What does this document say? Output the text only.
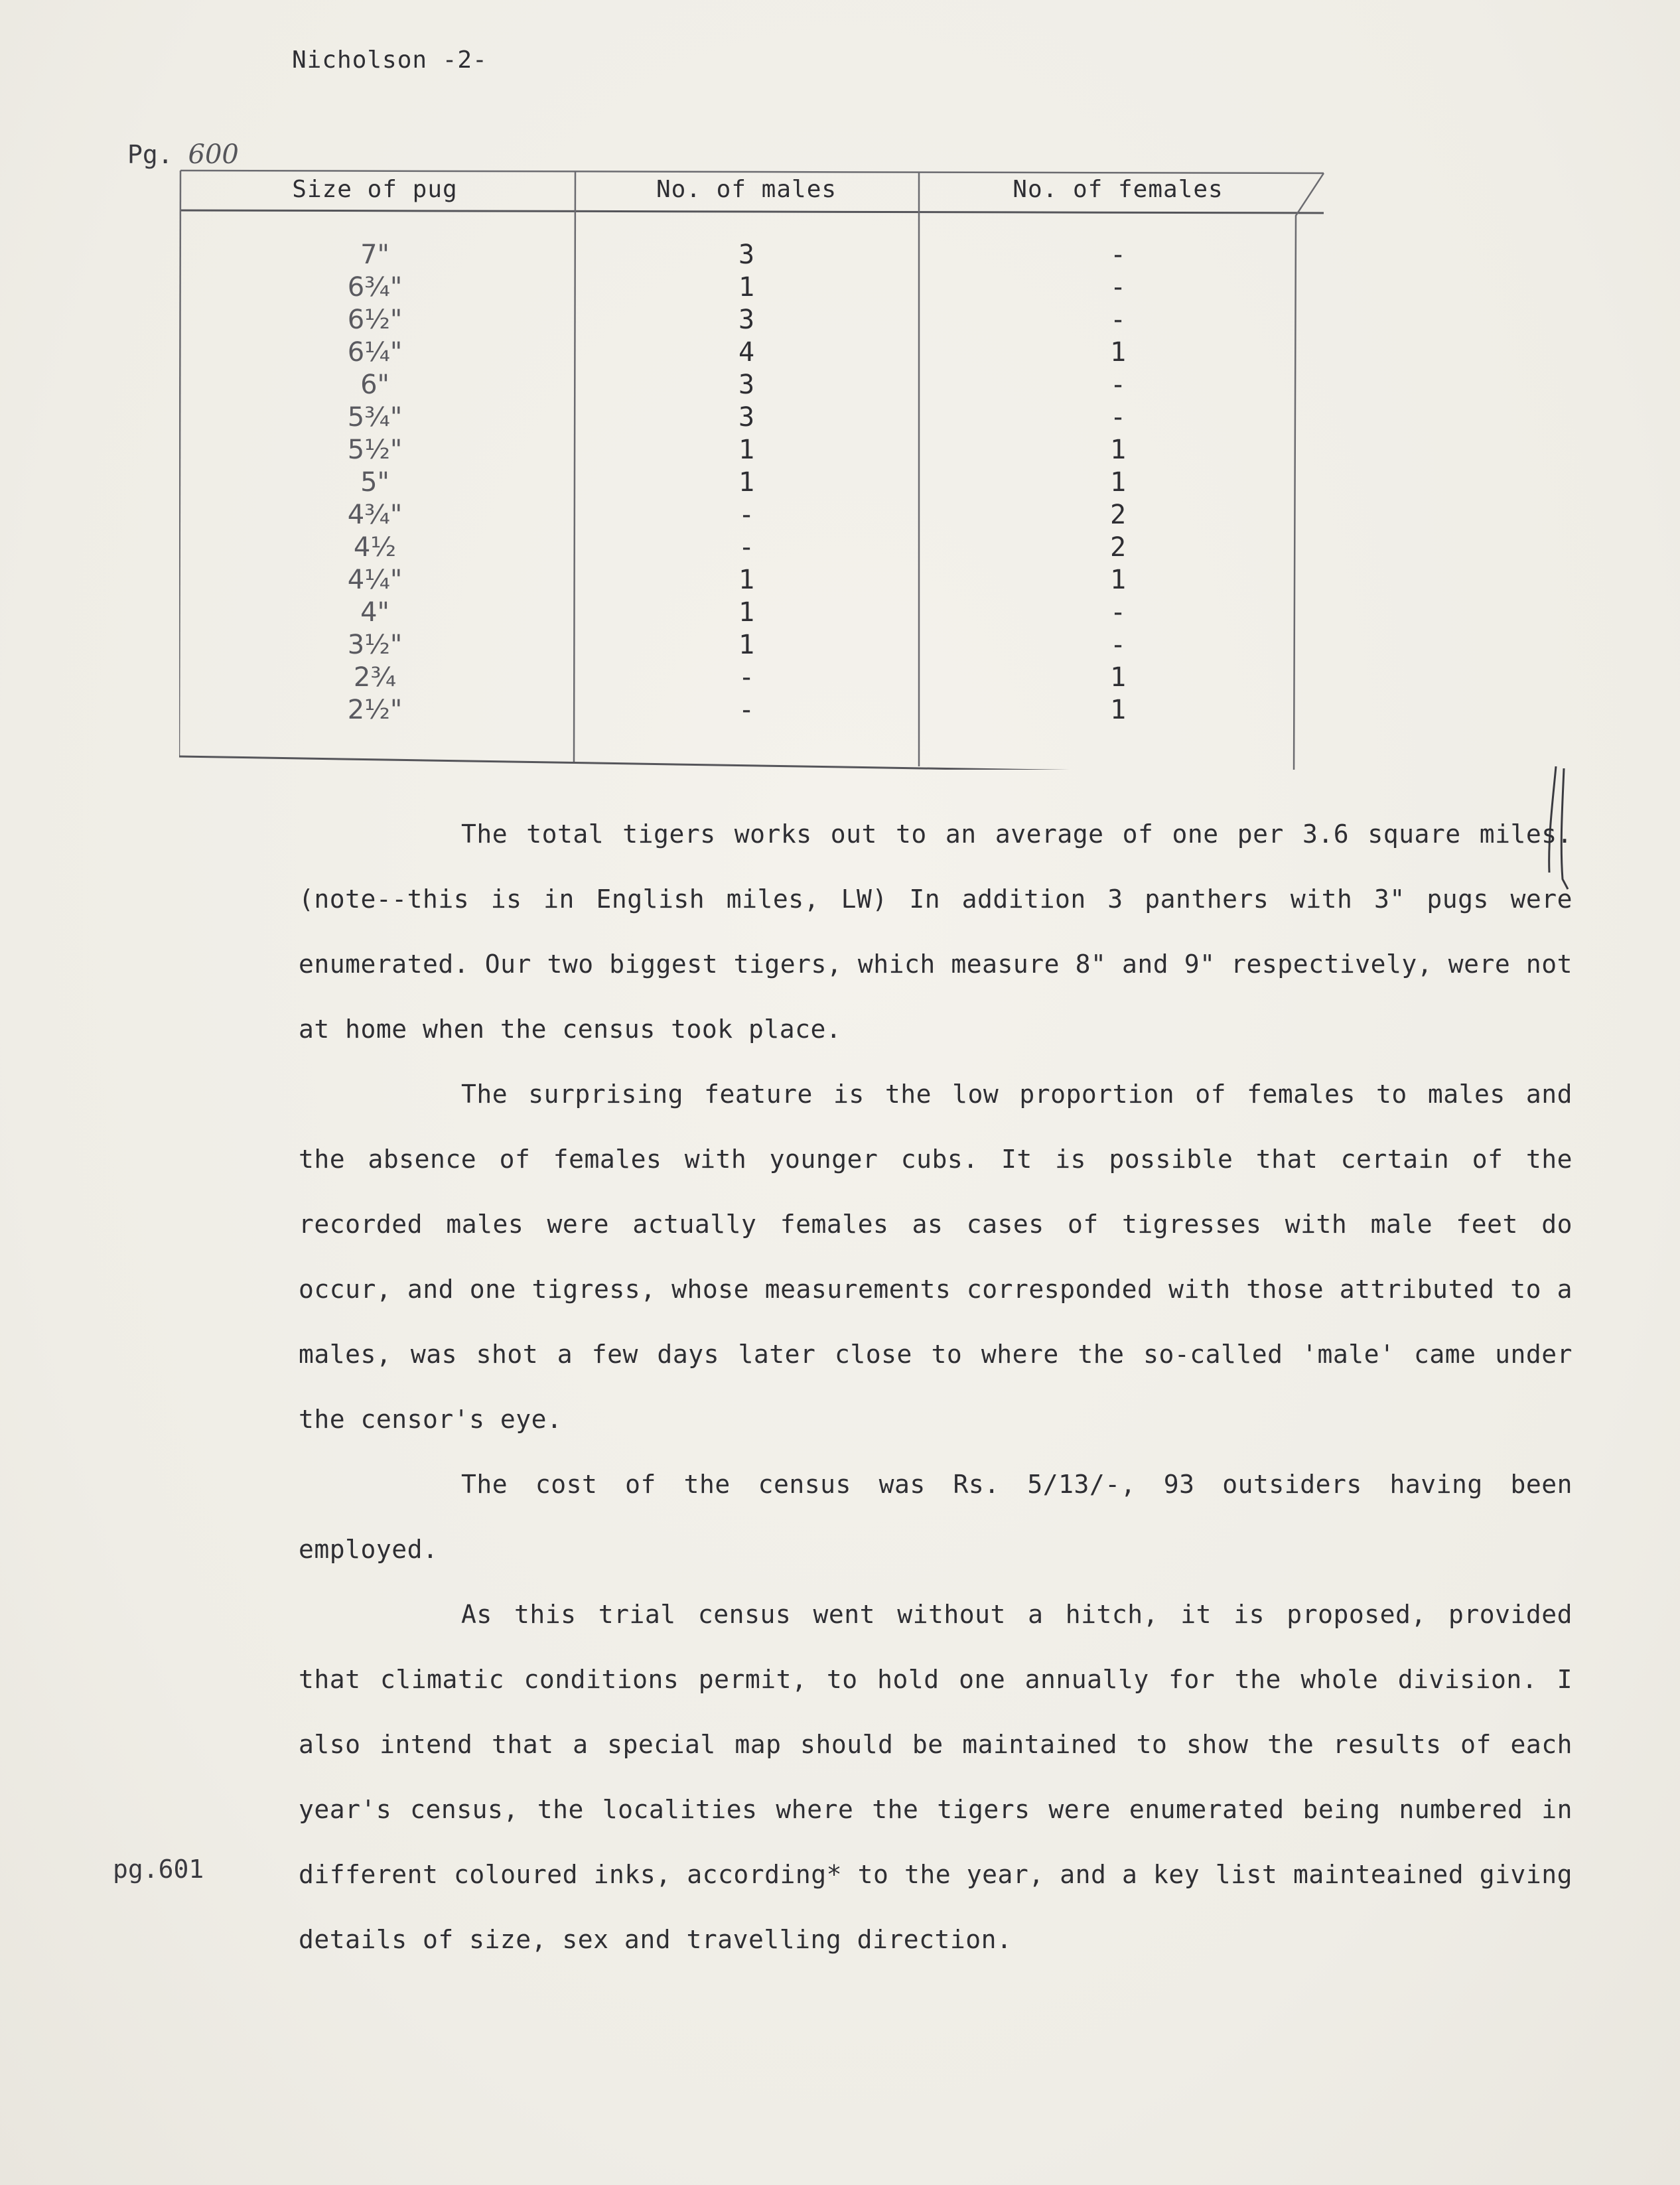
Nicholson -2-
Pg. 600
Size of pug
7"
6¾"
6½"
6¼"
6"
5¾"
5½"
5"
4¾"
4½
4¼"
4"
3½"
2¾
2½"
No. of males
3
1
3
4
3
3
1
1
-
-
1
1
1
-
-
No. of females
-
-
-
1
-
-
1
1
2
2
1
-
-
1
1

The total tigers works out to an average of one per 3.6 square miles. (note--this is in English miles, LW) In addition 3 panthers with 3" pugs were enumerated. Our two biggest tigers, which measure 8" and 9" respectively, were not at home when the census took place.

The surprising feature is the low proportion of females to males and the absence of females with younger cubs. It is possible that certain of the recorded males were actually females as cases of tigresses with male feet do occur, and one tigress, whose measurements corresponded with those attributed to a males, was shot a few days later close to where the so-called 'male' came under the censor's eye.

The cost of the census was Rs. 5/13/-, 93 outsiders having been employed.

As this trial census went without a hitch, it is proposed, provided that climatic conditions permit, to hold one annually for the whole division. I also intend that a special map should be maintained to show the results of each year's census, the localities where the tigers were enumerated being numbered in different coloured inks, according* to the year, and a key list mainteained giving details of size, sex and travelling direction.

pg.601
